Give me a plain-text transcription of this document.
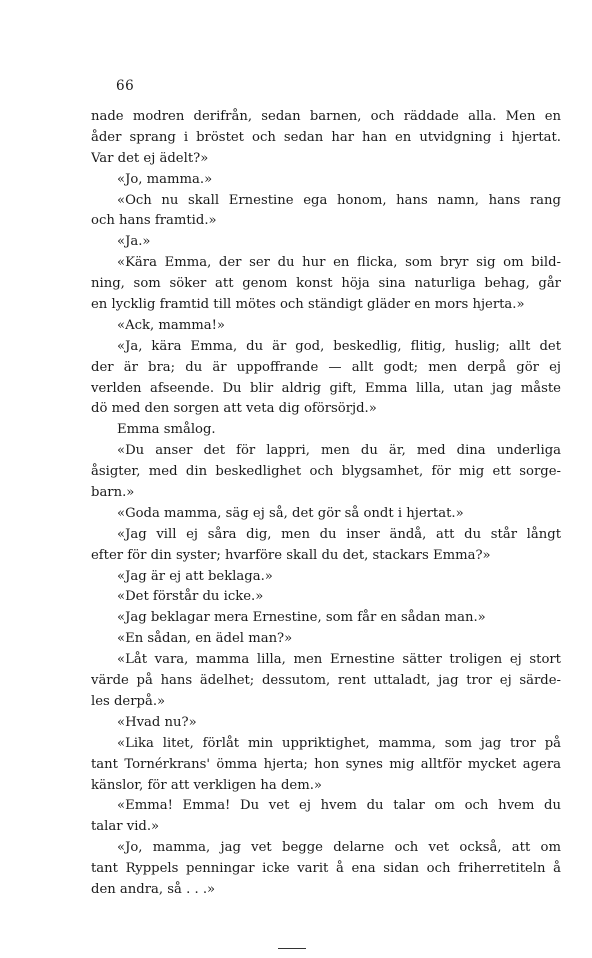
66
nade modren derifrån, sedan barnen, och räddade alla. Men en
åder sprang i bröstet och sedan har han en utvidgning i hjertat.
Var det ej ädelt?»
«Jo, mamma.»
«Och nu skall Ernestine ega honom, hans namn, hans rang
och hans framtid.»
«Ja.»
«Kära Emma, der ser du hur en flicka, som bryr sig om bild-
ning, som söker att genom konst höja sina naturliga behag, går
en lycklig framtid till mötes och ständigt gläder en mors hjerta.»
«Ack, mamma!»
«Ja, kära Emma, du är god, beskedlig, flitig, huslig; allt det
der är bra; du är uppoffrande — allt godt; men derpå gör ej
verlden afseende. Du blir aldrig gift, Emma lilla, utan jag måste
dö med den sorgen att veta dig oförsörjd.»
Emma smålog.
«Du anser det för lappri, men du är, med dina underliga
åsigter, med din beskedlighet och blygsamhet, för mig ett sorge-
barn.»
«Goda mamma, säg ej så, det gör så ondt i hjertat.»
«Jag vill ej såra dig, men du inser ändå, att du står långt
efter för din syster; hvarföre skall du det, stackars Emma?»
«Jag är ej att beklaga.»
«Det förstår du icke.»
«Jag beklagar mera Ernestine, som får en sådan man.»
«En sådan, en ädel man?»
«Låt vara, mamma lilla, men Ernestine sätter troligen ej stort
värde på hans ädelhet; dessutom, rent uttaladt, jag tror ej särde-
les derpå.»
«Hvad nu?»
«Lika litet, förlåt min uppriktighet, mamma, som jag tror på
tant Tornérkrans' ömma hjerta; hon synes mig alltför mycket agera
känslor, för att verkligen ha dem.»
«Emma! Emma! Du vet ej hvem du talar om och hvem du
talar vid.»
«Jo, mamma, jag vet begge delarne och vet också, att om
tant Ryppels penningar icke varit å ena sidan och friherretiteln å
den andra, så . . .»
